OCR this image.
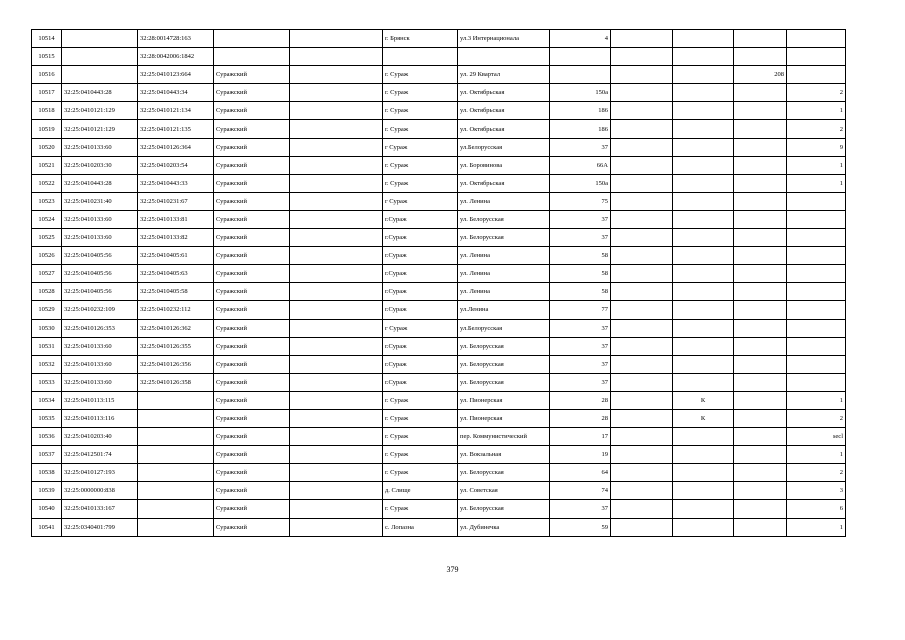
10514		32:28:0014728:163			г. Брянск	ул.3 Интернационала	4				
10515		32:28:0042006:1842									
10516		32:25:0410123:664	Суражский		г. Сураж	ул. 29 Квартал				208	
10517	32:25:0410443:28	32:25:0410443:34	Суражский		г. Сураж	ул. Октябрьская	150а				2
10518	32:25:0410121:129	32:25:0410121:134	Суражский		г. Сураж	ул. Октябрьская	186				1
10519	32:25:0410121:129	32:25:0410121:135	Суражский		г. Сураж	ул. Октябрьская	186				2
10520	32:25:0410133:60	32:25:0410126:364	Суражский		г Сураж	ул.Белорусская	37				9
10521	32:25:0410203:30	32:25:0410203:54	Суражский		г. Сураж	ул. Боровинова	66А				1
10522	32:25:0410443:28	32:25:0410443:33	Суражский		г. Сураж	ул. Октябрьская	150а				1
10523	32:25:0410231:40	32:25:0410231:67	Суражский		г Сураж	ул. Ленина	75				
10524	32:25:0410133:60	32:25:0410133:81	Суражский		г.Сураж	ул. Белорусская	37				
10525	32:25:0410133:60	32:25:0410133:82	Суражский		г.Сураж	ул. Белорусская	37				
10526	32:25:0410405:56	32:25:0410405:61	Суражский		г.Сураж	ул. Ленина	58				
10527	32:25:0410405:56	32:25:0410405:63	Суражский		г.Сураж	ул. Ленина	58				
10528	32:25:0410405:56	32:25:0410405:58	Суражский		г.Сураж	ул. Ленина	58				
10529	32:25:0410232:109	32:25:0410232:112	Суражский		г.Сураж	ул.Ленина	77				
10530	32:25:0410126:353	32:25:0410126:362	Суражский		г Сураж	ул.Белорусская	37				
10531	32:25:0410133:60	32:25:0410126:355	Суражский		г.Сураж	ул. Белорусская	37				
10532	32:25:0410133:60	32:25:0410126:356	Суражский		г.Сураж	ул. Белорусская	37				
10533	32:25:0410133:60	32:25:0410126:358	Суражский		г.Сураж	ул. Белорусская	37				
10534	32:25:0410113:115		Суражский		г. Сураж	ул. Пионерская	28		К		1
10535	32:25:0410113:116		Суражский		г. Сураж	ул. Пионерская	28		К		2
10536	32:25:0410203:40		Суражский		г. Сураж	пер. Коммунистический	17				secl
10537	32:25:0412501:74		Суражский		г. Сураж	ул. Вокзальная	19				1
10538	32:25:0410127:193		Суражский		г. Сураж	ул. Белорусская	64				2
10539	32:25:0000000:838		Суражский		д. Слище	ул. Советская	74				3
10540	32:25:0410133:167		Суражский		г. Сураж	ул. Белорусская	37				6
10541	32:25:0340401:799		Суражский		с. Лопазна	ул. Дубинечка	59				1
379
